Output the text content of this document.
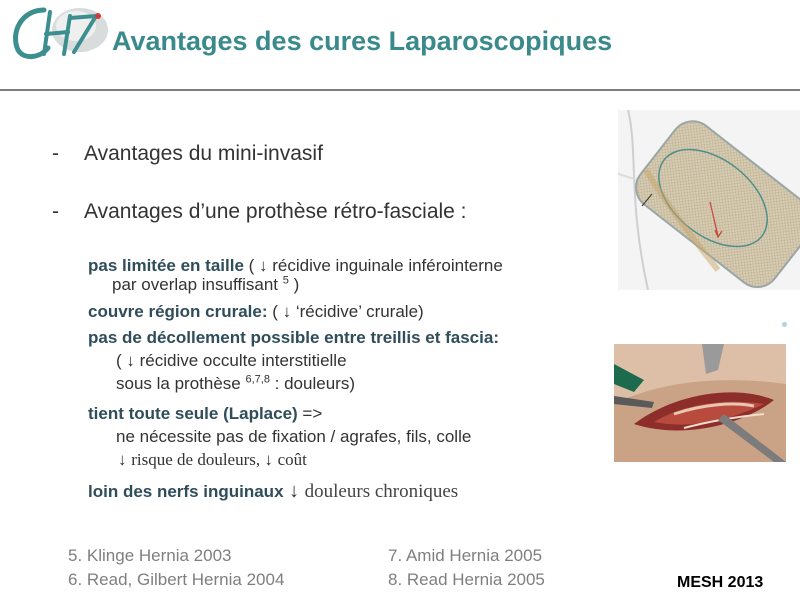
Avantages des cures Laparoscopiques
- Avantages du mini-invasif
- Avantages d’une prothèse rétro-fasciale :
pas limitée en taille ( ↓ récidive inguinale inférointerne
par overlap insuffisant $^5$ )
couvre région crurale: ( ↓ ‘récidive’ crurale)
pas de décollement possible entre treillis et fascia:
( ↓ récidive occulte interstitielle
sous la prothèse $^{6,7,8}$ : douleurs)
tient toute seule (Laplace) =>
ne nécessite pas de fixation / agrafes, fils, colle
↓ risque de douleurs, ↓ coût
loin des nerfs inguinaux ↓ douleurs chroniques
5. Klinge Hernia 2003
6. Read, Gilbert Hernia 2004
7. Amid Hernia 2005
8. Read Hernia 2005	MESH 2013
